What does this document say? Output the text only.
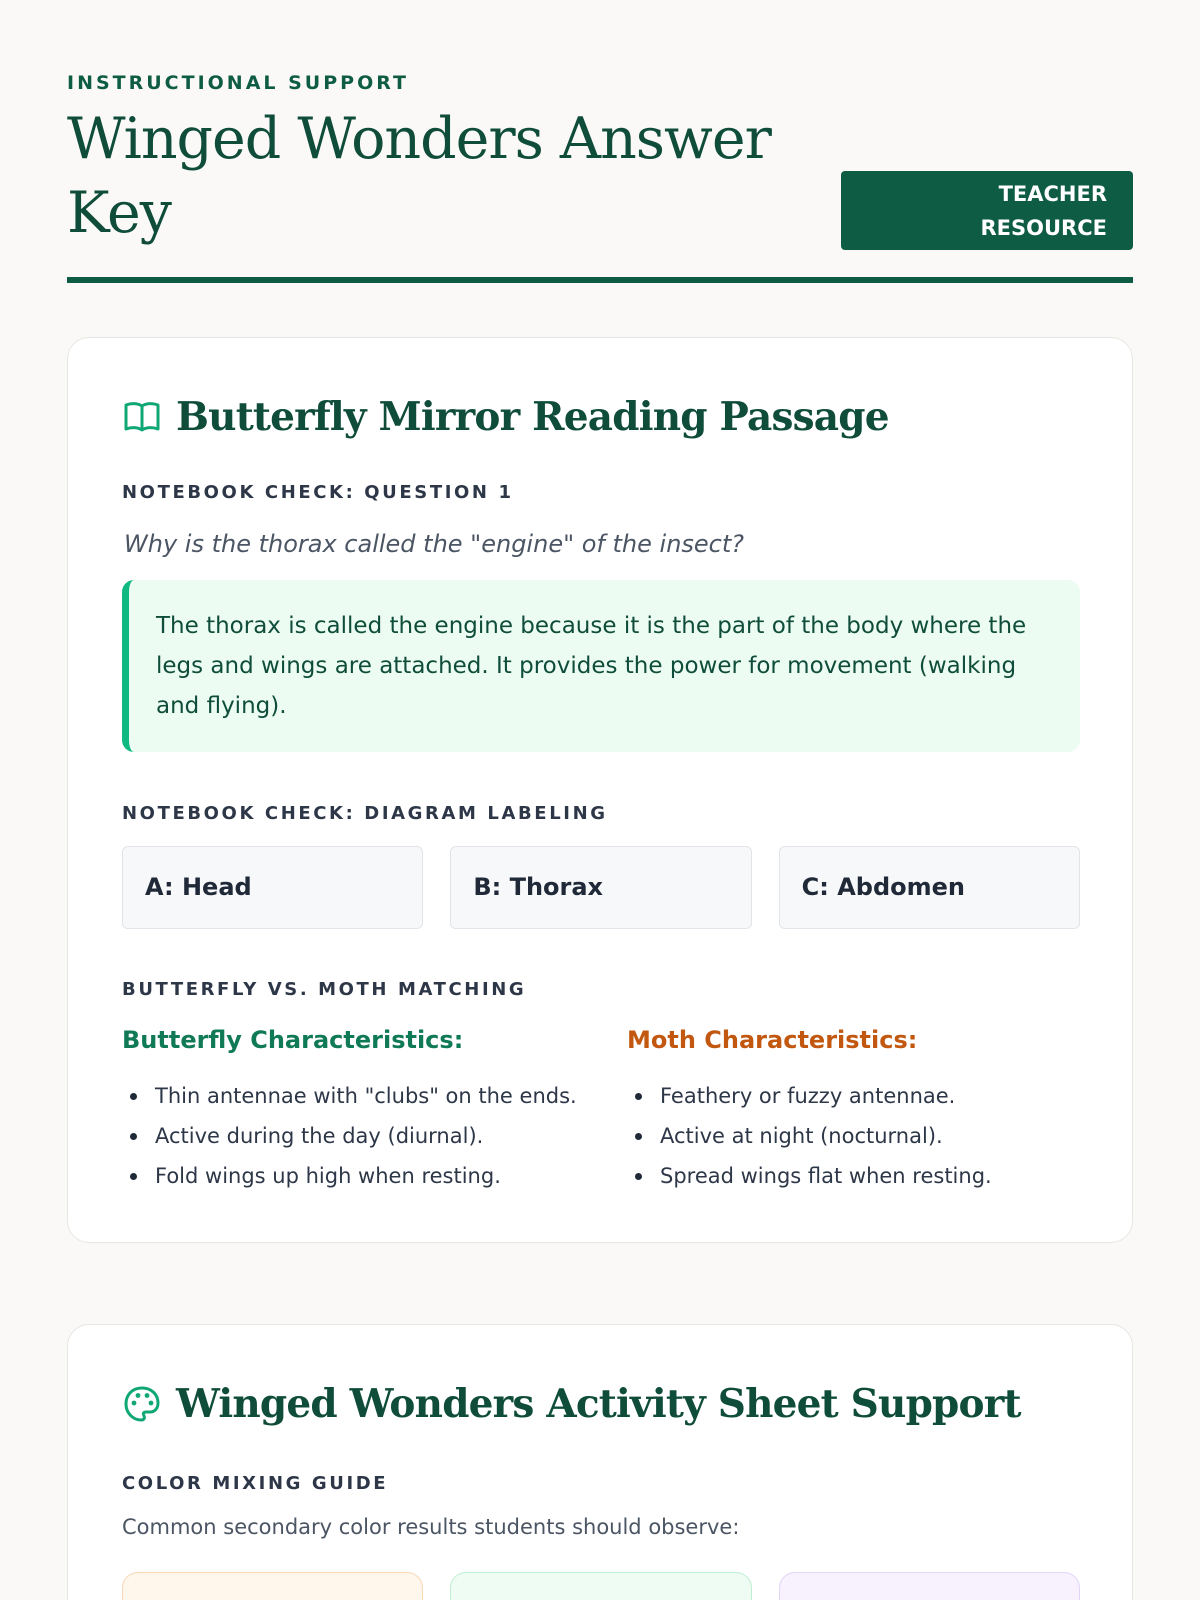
INSTRUCTIONAL SUPPORT
Winged Wonders Answer Key	TEACHER RESOURCE
Butterfly Mirror Reading Passage
NOTEBOOK CHECK: QUESTION 1
Why is the thorax called the "engine" of the insect?
The thorax is called the engine because it is the part of the body where the legs and wings are attached. It provides the power for movement (walking and flying).
NOTEBOOK CHECK: DIAGRAM LABELING
A: Head	B: Thorax	C: Abdomen
BUTTERFLY VS. MOTH MATCHING
Butterfly Characteristics:
Thin antennae with "clubs" on the ends.
Active during the day (diurnal).
Fold wings up high when resting.
Moth Characteristics:
Feathery or fuzzy antennae.
Active at night (nocturnal).
Spread wings flat when resting.
Winged Wonders Activity Sheet Support
COLOR MIXING GUIDE
Common secondary color results students should observe:
